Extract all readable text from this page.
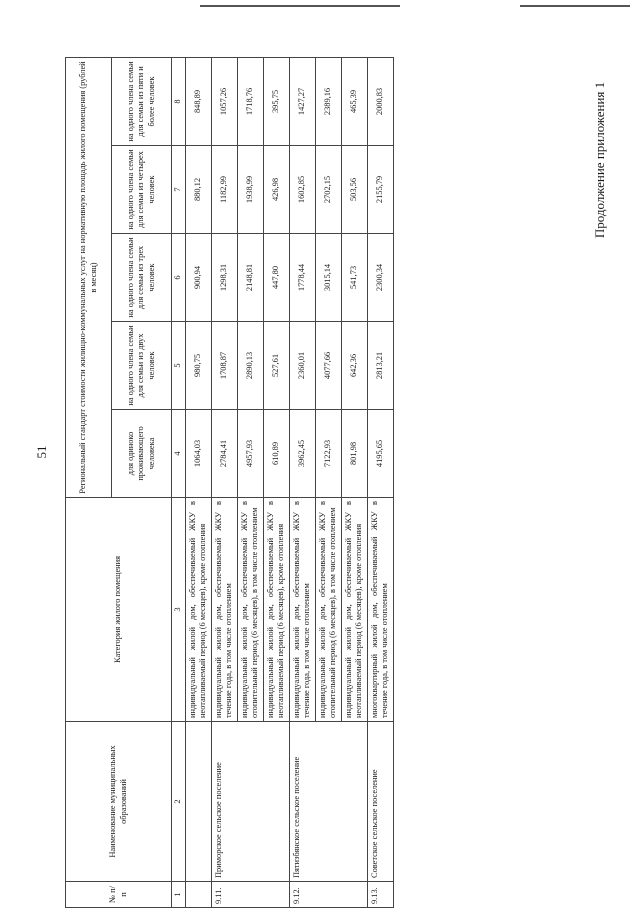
51
Продолжение приложения 1
№ п/п	Наименование муниципальных образований	Категория жилого помещения	Региональный стандарт стоимости жилищно-коммунальных услуг на нормативную площадь жилого помещения (рублей в месяц)				
			для одиноко проживающего человека	на одного члена семьи для семьи из двух человек	на одного члена семьи для семьи из трех человек	на одного члена семьи для семьи из четырех человек	на одного члена семьи для семьи из пяти и более человек
1	2	3	4	5	6	7	8
		индивидуальный жилой дом, обеспечиваемый ЖКУ в неотапливаемый период (6 месяцев), кроме отопления	1064,03	980,75	900,94	880,12	848,89
9.11.	Приморское сельское поселение	индивидуальный жилой дом, обеспечиваемый ЖКУ в течение года, в том числе отоплением	2784,41	1708,87	1298,31	1182,99	1057,26
		индивидуальный жилой дом, обеспечиваемый ЖКУ в отопительный период (6 месяцев), в том числе отоплением	4957,93	2890,13	2148,81	1938,99	1718,76
		индивидуальный жилой дом, обеспечиваемый ЖКУ в неотапливаемый период (6 месяцев), кроме отопления	610,89	527,61	447,80	426,98	395,75
9.12.	Пятизбянское сельское поселение	индивидуальный жилой дом, обеспечиваемый ЖКУ в течение года, в том числе отоплением	3962,45	2360,01	1778,44	1602,85	1427,27
		индивидуальный жилой дом, обеспечиваемый ЖКУ в отопительный период (6 месяцев), в том числе отоплением	7122,93	4077,66	3015,14	2702,15	2389,16
		индивидуальный жилой дом, обеспечиваемый ЖКУ в неотапливаемый период (6 месяцев), кроме отопления	801,98	642,36	541,73	503,56	465,39
9.13.	Советское сельское поселение	многоквартирный жилой дом, обеспечиваемый ЖКУ в течение года, в том числе отоплением	4195,65	2813,21	2300,34	2155,79	2000,83
